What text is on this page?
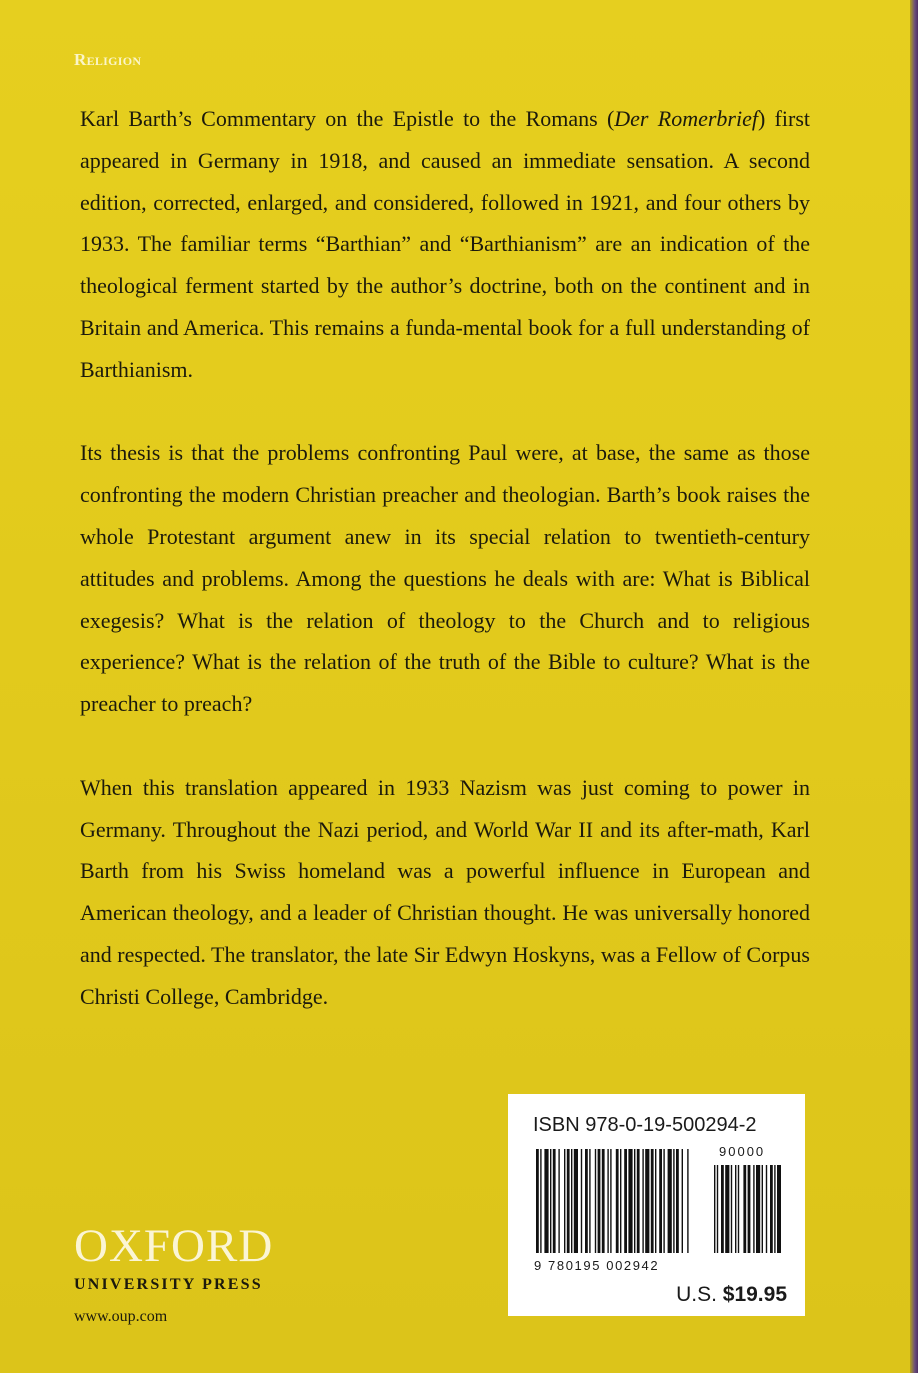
Religion

Karl Barth’s Commentary on the Epistle to the Romans (Der Romerbrief) first appeared in Germany in 1918, and caused an immediate sensation. A second edition, corrected, enlarged, and considered, followed in 1921, and four others by 1933. The familiar terms “Barthian” and “Barthianism” are an indication of the theological ferment started by the author’s doctrine, both on the continent and in Britain and America. This remains a funda-mental book for a full understanding of Barthianism.

Its thesis is that the problems confronting Paul were, at base, the same as those confronting the modern Christian preacher and theologian. Barth’s book raises the whole Protestant argument anew in its special relation to twentieth-century attitudes and problems. Among the questions he deals with are: What is Biblical exegesis? What is the relation of theology to the Church and to religious experience? What is the relation of the truth of the Bible to culture? What is the preacher to preach?

When this translation appeared in 1933 Nazism was just coming to power in Germany. Throughout the Nazi period, and World War II and its after-math, Karl Barth from his Swiss homeland was a powerful influence in European and American theology, and a leader of Christian thought. He was universally honored and respected. The translator, the late Sir Edwyn Hoskyns, was a Fellow of Corpus Christi College, Cambridge.

OXFORD
UNIVERSITY PRESS
www.oup.com
ISBN 978-0-19-500294-2
90000
9 780195 002942
U.S. $19.95
